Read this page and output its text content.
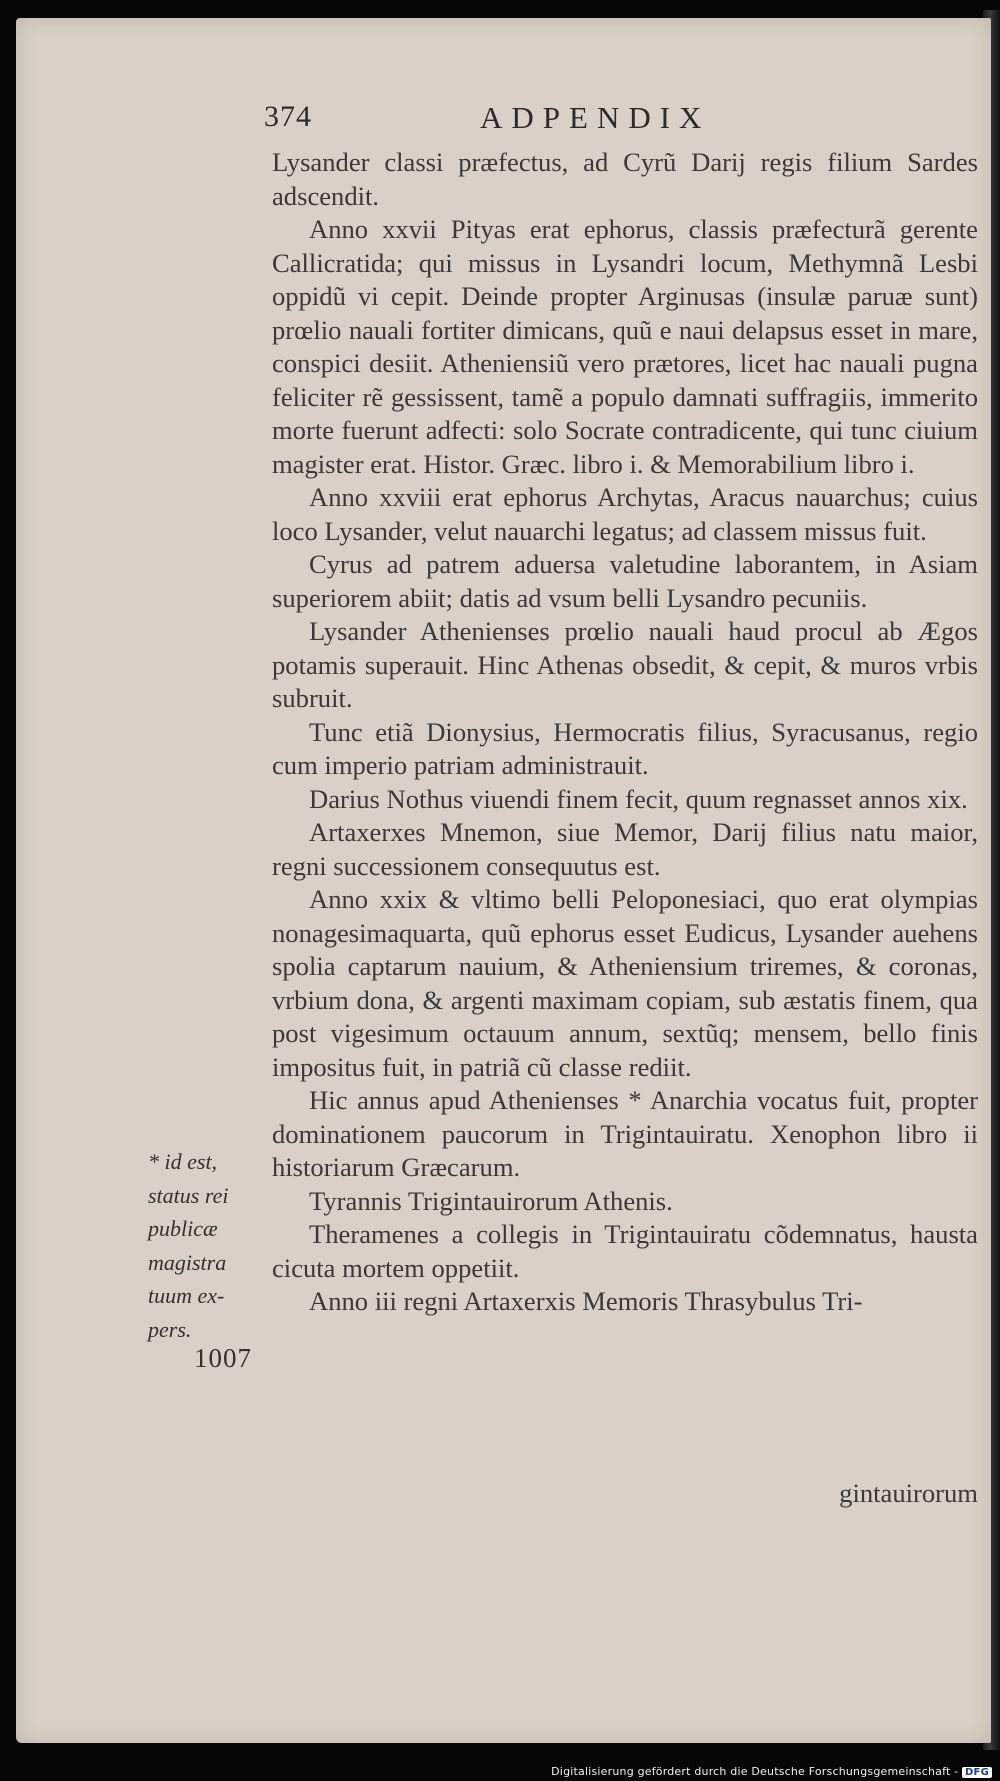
374	ADPENDIX

Lysander classi præfectus, ad Cyrũ Darij regis filium Sardes adscendit.

Anno xxvii Pityas erat ephorus, classis præfecturã gerente Callicratida; qui missus in Lysandri locum, Methymnã Lesbi oppidũ vi cepit. Deinde propter Arginusas (insulæ paruæ sunt) prœlio nauali fortiter dimicans, quũ e naui delapsus esset in mare, conspici desiit. Atheniensiũ vero prætores, licet hac nauali pugna feliciter rẽ gessissent, tamẽ a populo damnati suffragiis, immerito morte fuerunt adfecti: solo Socrate contradicente, qui tunc ciuium magister erat. Histor. Græc. libro i. & Memorabilium libro i.

Anno xxviii erat ephorus Archytas, Aracus nauarchus; cuius loco Lysander, velut nauarchi legatus; ad classem missus fuit.

Cyrus ad patrem aduersa valetudine laborantem, in Asiam superiorem abiit; datis ad vsum belli Lysandro pecuniis.

Lysander Athenienses prœlio nauali haud procul ab Ægos potamis superauit. Hinc Athenas obsedit, & cepit, & muros vrbis subruit.

Tunc etiã Dionysius, Hermocratis filius, Syracusanus, regio cum imperio patriam administrauit.

Darius Nothus viuendi finem fecit, quum regnasset annos xix.

Artaxerxes Mnemon, siue Memor, Darij filius natu maior, regni successionem consequutus est.

Anno xxix & vltimo belli Peloponesiaci, quo erat olympias nonagesimaquarta, quũ ephorus esset Eudicus, Lysander auehens spolia captarum nauium, & Atheniensium triremes, & coronas, vrbium dona, & argenti maximam copiam, sub æstatis finem, qua post vigesimum octauum annum, sextũq; mensem, bello finis impositus fuit, in patriã cũ classe rediit.

Hic annus apud Athenienses * Anarchia vocatus fuit, propter dominationem paucorum in Trigintauiratu. Xenophon libro ii historiarum Græcarum.

Tyrannis Trigintauirorum Athenis.

Theramenes a collegis in Trigintauiratu cõdemnatus, hausta cicuta mortem oppetiit.

Anno iii regni Artaxerxis Memoris Thrasybulus Tri-

* id est,
status rei
publicæ
magistra
tuum ex-
pers.
1007
gintauirorum
Digitalisierung gefördert durch die Deutsche Forschungsgemeinschaft - DFG
